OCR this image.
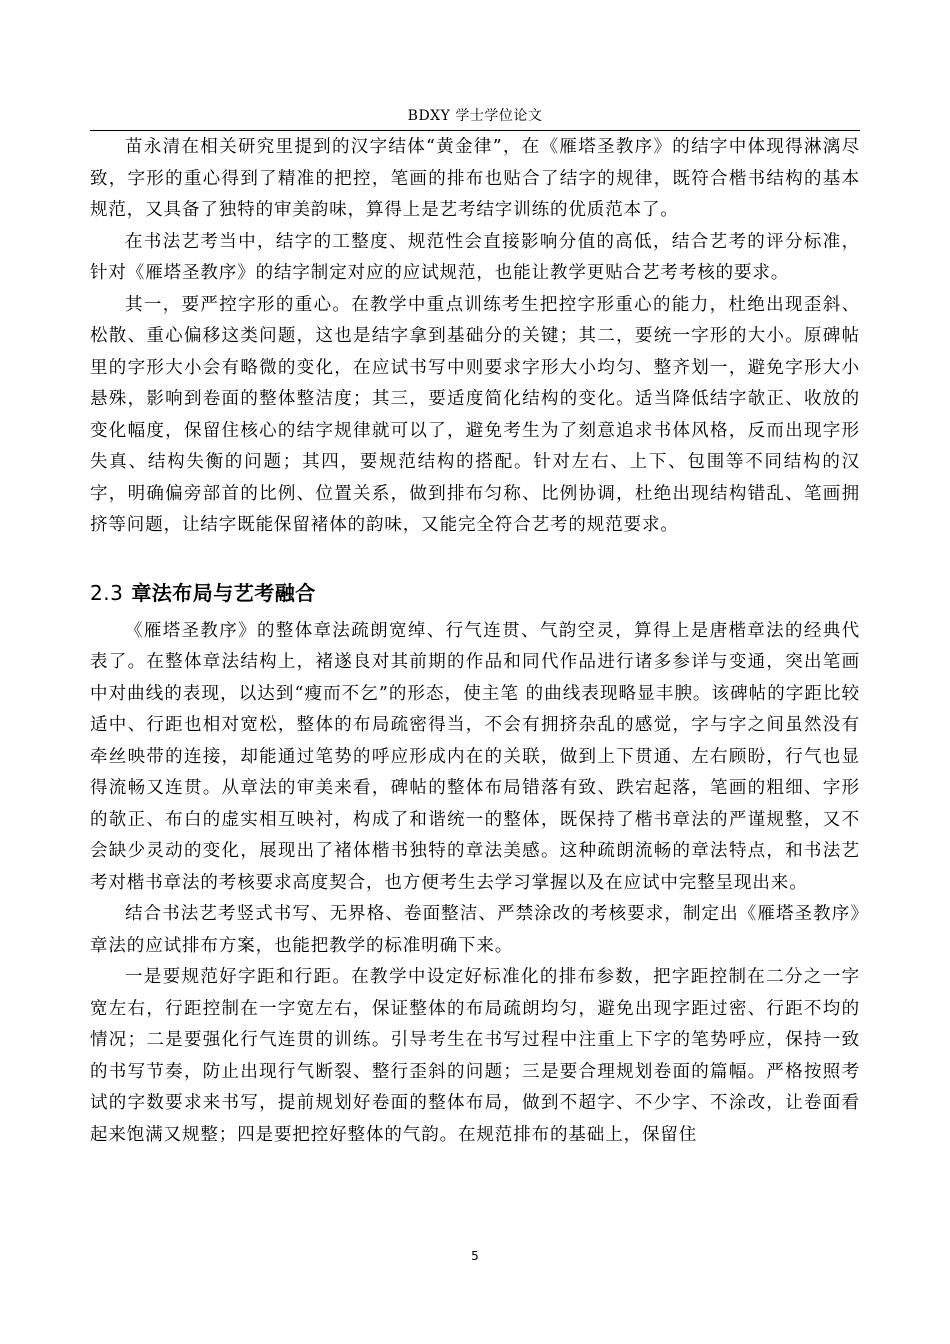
BDXY 学士学位论文

苗永清在相关研究里提到的汉字结体“黄金律”，在《雁塔圣教序》的结字中体现得淋漓尽致，字形的重心得到了精准的把控，笔画的排布也贴合了结字的规律，既符合楷书结构的基本规范，又具备了独特的审美韵味，算得上是艺考结字训练的优质范本了。

在书法艺考当中，结字的工整度、规范性会直接影响分值的高低，结合艺考的评分标准，针对《雁塔圣教序》的结字制定对应的应试规范，也能让教学更贴合艺考考核的要求。

其一，要严控字形的重心。在教学中重点训练考生把控字形重心的能力，杜绝出现歪斜、松散、重心偏移这类问题，这也是结字拿到基础分的关键；其二，要统一字形的大小。原碑帖里的字形大小会有略微的变化，在应试书写中则要求字形大小均匀、整齐划一，避免字形大小悬殊，影响到卷面的整体整洁度；其三，要适度简化结构的变化。适当降低结字欹正、收放的变化幅度，保留住核心的结字规律就可以了，避免考生为了刻意追求书体风格，反而出现字形失真、结构失衡的问题；其四，要规范结构的搭配。针对左右、上下、包围等不同结构的汉字，明确偏旁部首的比例、位置关系，做到排布匀称、比例协调，杜绝出现结构错乱、笔画拥挤等问题，让结字既能保留褚体的韵味，又能完全符合艺考的规范要求。

2.3 章法布局与艺考融合

《雁塔圣教序》的整体章法疏朗宽绰、行气连贯、气韵空灵，算得上是唐楷章法的经典代表了。在整体章法结构上，褚遂良对其前期的作品和同代作品进行诸多参详与变通，突出笔画中对曲线的表现，以达到“瘦而不乞”的形态，使主笔 的曲线表现略显丰腴。该碑帖的字距比较适中、行距也相对宽松，整体的布局疏密得当，不会有拥挤杂乱的感觉，字与字之间虽然没有牵丝映带的连接，却能通过笔势的呼应形成内在的关联，做到上下贯通、左右顾盼，行气也显得流畅又连贯。从章法的审美来看，碑帖的整体布局错落有致、跌宕起落，笔画的粗细、字形的欹正、布白的虚实相互映衬，构成了和谐统一的整体，既保持了楷书章法的严谨规整，又不会缺少灵动的变化，展现出了褚体楷书独特的章法美感。这种疏朗流畅的章法特点，和书法艺考对楷书章法的考核要求高度契合，也方便考生去学习掌握以及在应试中完整呈现出来。

结合书法艺考竖式书写、无界格、卷面整洁、严禁涂改的考核要求，制定出《雁塔圣教序》章法的应试排布方案，也能把教学的标准明确下来。

一是要规范好字距和行距。在教学中设定好标准化的排布参数，把字距控制在二分之一字宽左右，行距控制在一字宽左右，保证整体的布局疏朗均匀，避免出现字距过密、行距不均的情况；二是要强化行气连贯的训练。引导考生在书写过程中注重上下字的笔势呼应，保持一致的书写节奏，防止出现行气断裂、整行歪斜的问题；三是要合理规划卷面的篇幅。严格按照考试的字数要求来书写，提前规划好卷面的整体布局，做到不超字、不少字、不涂改，让卷面看起来饱满又规整；四是要把控好整体的气韵。在规范排布的基础上，保留住

5
